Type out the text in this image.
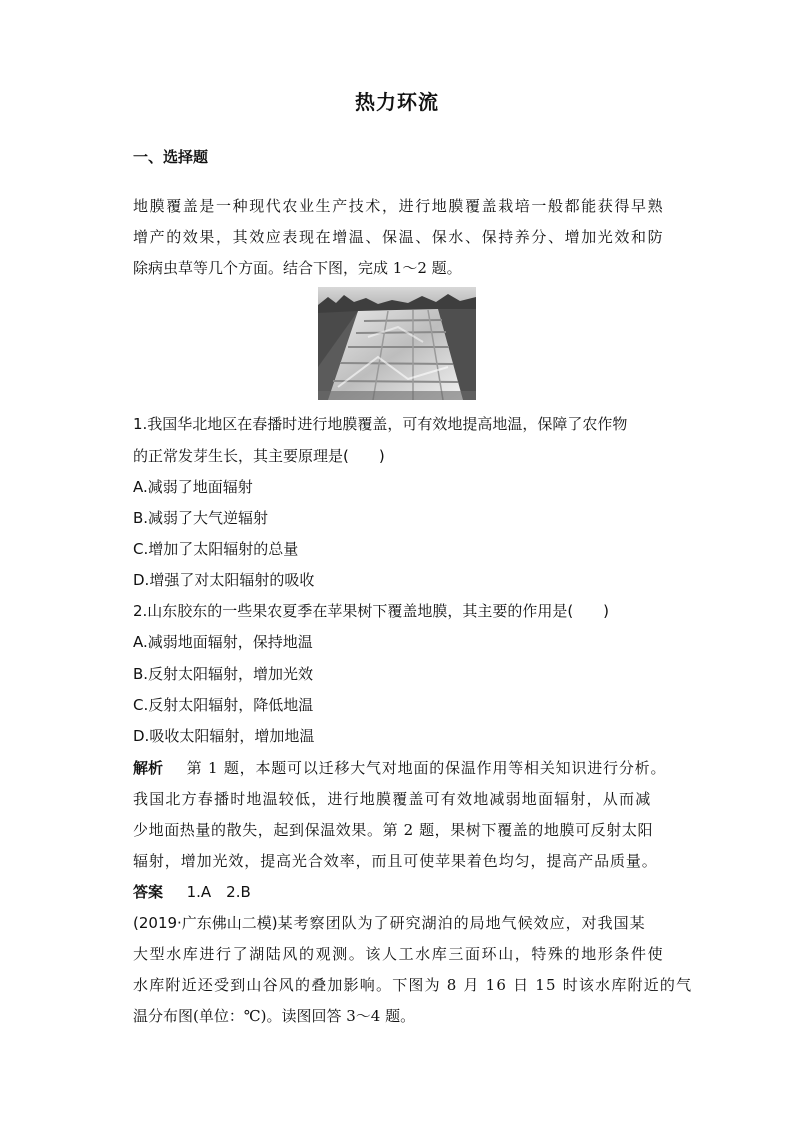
热力环流
一、选择题
地膜覆盖是一种现代农业生产技术，进行地膜覆盖栽培一般都能获得早熟
增产的效果，其效应表现在增温、保温、保水、保持养分、增加光效和防
除病虫草等几个方面。结合下图，完成 1～2 题。
1.我国华北地区在春播时进行地膜覆盖，可有效地提高地温，保障了农作物
的正常发芽生长，其主要原理是(　　)
A.减弱了地面辐射
B.减弱了大气逆辐射
C.增加了太阳辐射的总量
D.增强了对太阳辐射的吸收
2.山东胶东的一些果农夏季在苹果树下覆盖地膜，其主要的作用是(　　)
A.减弱地面辐射，保持地温
B.反射太阳辐射，增加光效
C.反射太阳辐射，降低地温
D.吸收太阳辐射，增加地温
解析 第 1 题，本题可以迁移大气对地面的保温作用等相关知识进行分析。
我国北方春播时地温较低，进行地膜覆盖可有效地减弱地面辐射，从而减
少地面热量的散失，起到保温效果。第 2 题，果树下覆盖的地膜可反射太阳
辐射，增加光效，提高光合效率，而且可使苹果着色均匀，提高产品质量。
答案 1.A　2.B
(2019·广东佛山二模)某考察团队为了研究湖泊的局地气候效应，对我国某
大型水库进行了湖陆风的观测。该人工水库三面环山，特殊的地形条件使
水库附近还受到山谷风的叠加影响。下图为 8 月 16 日 15 时该水库附近的气
温分布图(单位：℃)。读图回答 3～4 题。
